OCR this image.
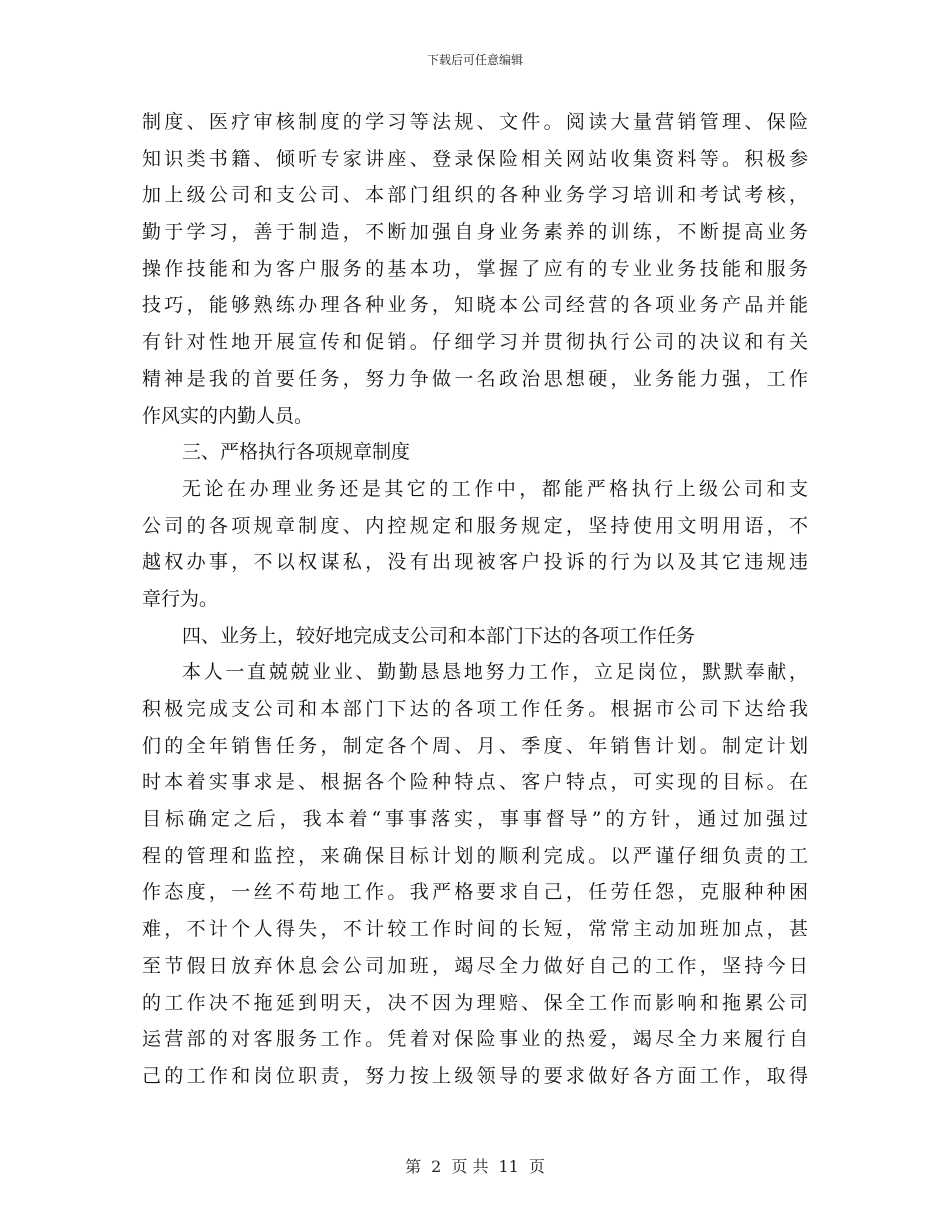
下载后可任意编辑
制度、医疗审核制度的学习等法规、文件。阅读大量营销管理、保险
知识类书籍、倾听专家讲座、登录保险相关网站收集资料等。积极参
加上级公司和支公司、本部门组织的各种业务学习培训和考试考核，
勤于学习，善于制造，不断加强自身业务素养的训练，不断提高业务
操作技能和为客户服务的基本功，掌握了应有的专业业务技能和服务
技巧，能够熟练办理各种业务，知晓本公司经营的各项业务产品并能
有针对性地开展宣传和促销。仔细学习并贯彻执行公司的决议和有关
精神是我的首要任务，努力争做一名政治思想硬，业务能力强，工作
作风实的内勤人员。
三、严格执行各项规章制度
无论在办理业务还是其它的工作中，都能严格执行上级公司和支
公司的各项规章制度、内控规定和服务规定，坚持使用文明用语，不
越权办事，不以权谋私，没有出现被客户投诉的行为以及其它违规违
章行为。
四、业务上，较好地完成支公司和本部门下达的各项工作任务
本人一直兢兢业业、勤勤恳恳地努力工作，立足岗位，默默奉献，
积极完成支公司和本部门下达的各项工作任务。根据市公司下达给我
们的全年销售任务，制定各个周、月、季度、年销售计划。制定计划
时本着实事求是、根据各个险种特点、客户特点，可实现的目标。在
目标确定之后，我本着“事事落实，事事督导”的方针，通过加强过
程的管理和监控，来确保目标计划的顺利完成。以严谨仔细负责的工
作态度，一丝不苟地工作。我严格要求自己，任劳任怨，克服种种困
难，不计个人得失，不计较工作时间的长短，常常主动加班加点，甚
至节假日放弃休息会公司加班，竭尽全力做好自己的工作，坚持今日
的工作决不拖延到明天，决不因为理赔、保全工作而影响和拖累公司
运营部的对客服务工作。凭着对保险事业的热爱，竭尽全力来履行自
己的工作和岗位职责，努力按上级领导的要求做好各方面工作，取得
第 2 页 共 11 页
